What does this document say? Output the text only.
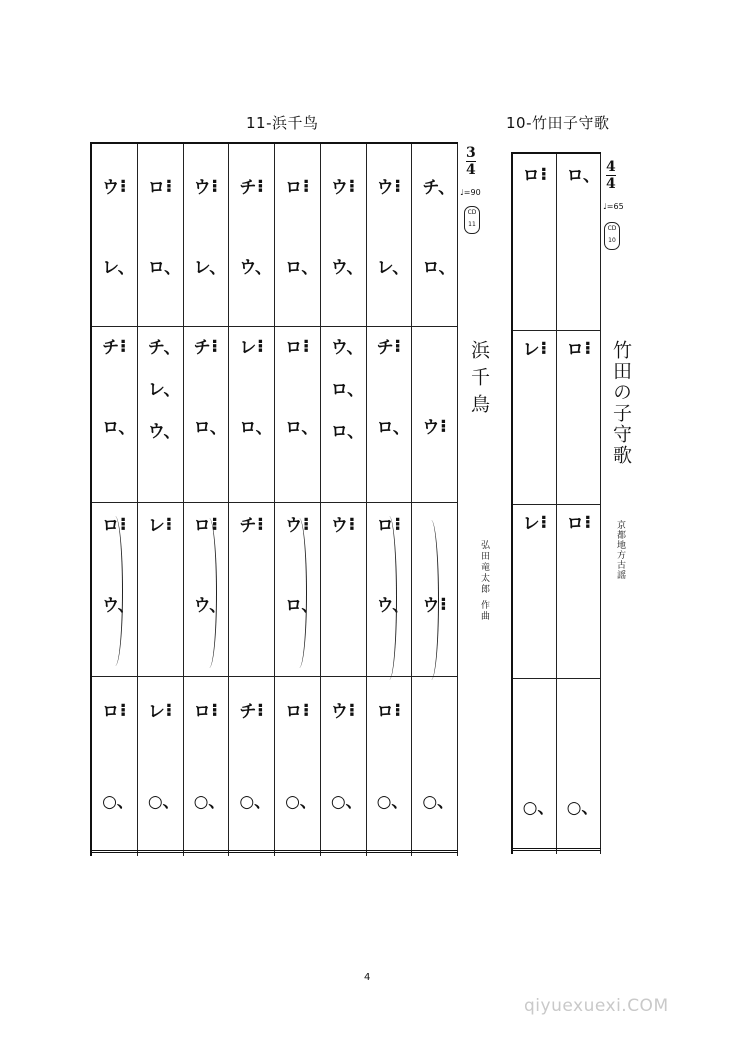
11-浜千鸟	10-竹田子守歌
チ、
ロ、
ウ⠇
ウ⠇
○、
ウ⠇
レ、
チ⠇
ロ、
ロ⠇
ウ、
ロ⠇
○、
ウ⠇
ウ、
ウ、
ロ、
ロ、
ウ⠇
ウ⠇
○、
ロ⠇
ロ、
ロ⠇
ロ、
ウ⠇
ロ、
ロ⠇
○、
チ⠇
ウ、
レ⠇
ロ、
チ⠇
チ⠇
○、
ウ⠇
レ、
チ⠇
ロ、
ロ⠇
ウ、
ロ⠇
○、
ロ⠇
ロ、
チ、
レ、
ウ、
レ⠇
レ⠇
○、
ウ⠇
レ、
チ⠇
ロ、
ロ⠇
ウ、
ロ⠇
○、
$\frac{3}{4}$
♩=90
CD 11
浜千鳥
弘田竜太郎 作曲
ロ、
ロ⠇
ロ⠇
○、
ロ⠇
レ⠇
レ⠇
○、
$\frac{4}{4}$
♩=65
CD 10
竹田の子守歌
京都地方古謡
4
qiyuexuexi.COM
